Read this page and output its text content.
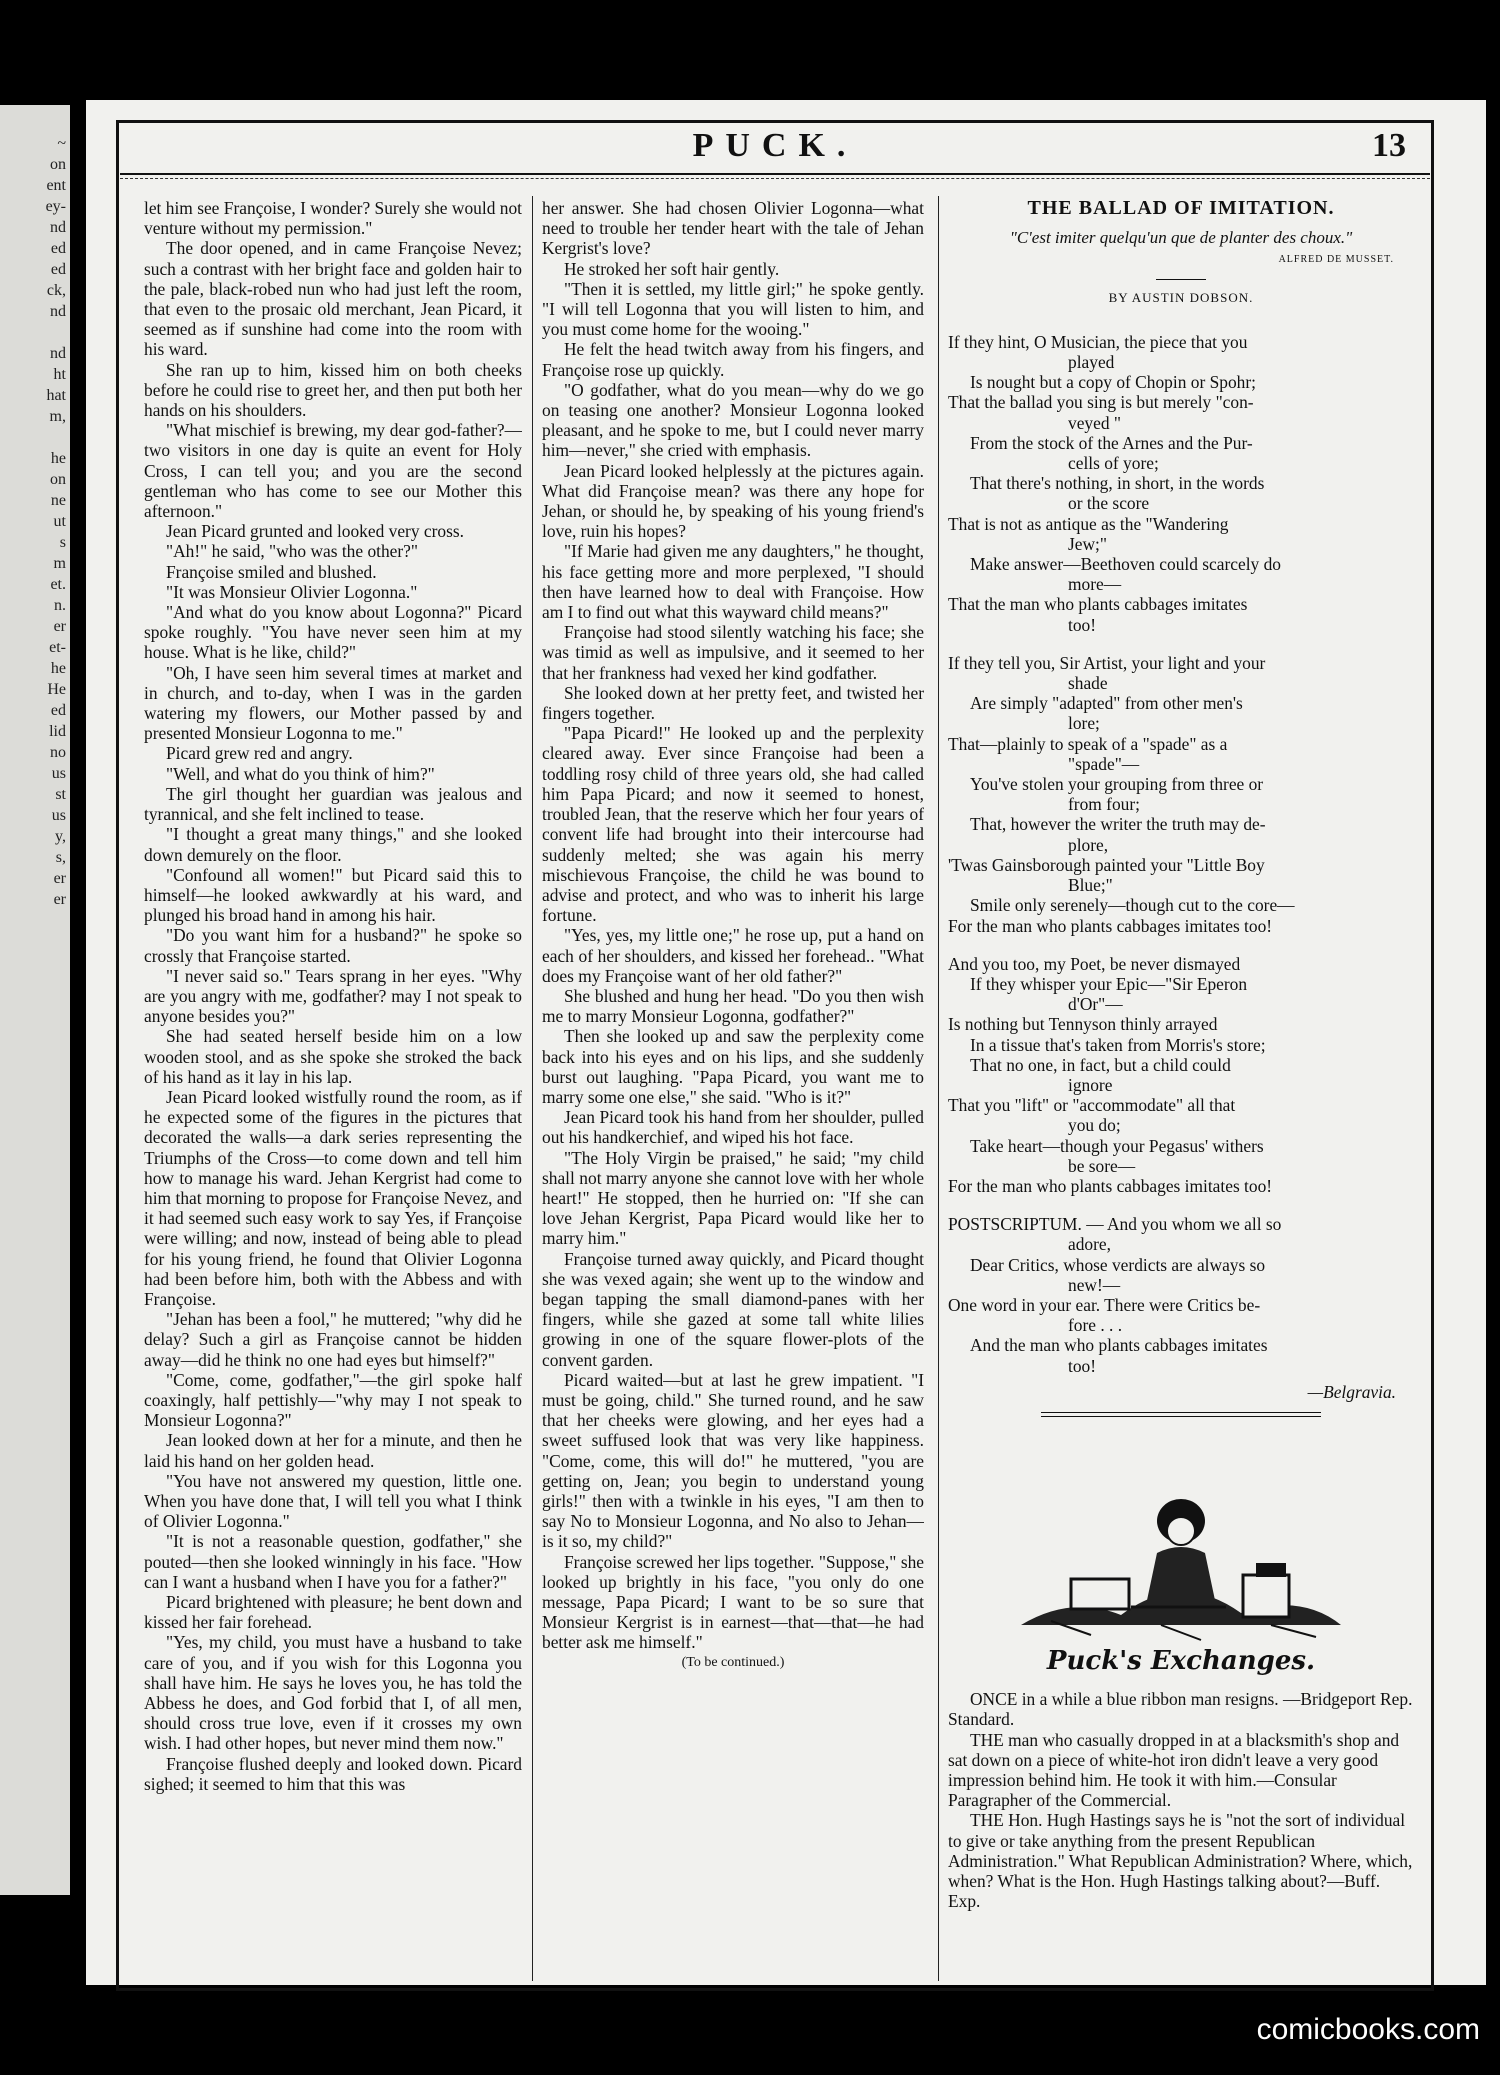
~
on
ent
ey-
nd
ed
ed
ck,
nd
nd
ht
hat
m,
he
on
ne
ut
s
m
et.
n.
er
et-
he
He
ed
lid
no
us
st
us
y,
s,
er
er
PUCK.	13

let him see Françoise, I wonder? Surely she would not venture without my permission."

The door opened, and in came Françoise Nevez; such a contrast with her bright face and golden hair to the pale, black-robed nun who had just left the room, that even to the prosaic old merchant, Jean Picard, it seemed as if sunshine had come into the room with his ward.

She ran up to him, kissed him on both cheeks before he could rise to greet her, and then put both her hands on his shoulders.

"What mischief is brewing, my dear god-father?—two visitors in one day is quite an event for Holy Cross, I can tell you; and you are the second gentleman who has come to see our Mother this afternoon."

Jean Picard grunted and looked very cross.

"Ah!" he said, "who was the other?"

Françoise smiled and blushed.

"It was Monsieur Olivier Logonna."

"And what do you know about Logonna?" Picard spoke roughly. "You have never seen him at my house. What is he like, child?"

"Oh, I have seen him several times at market and in church, and to-day, when I was in the garden watering my flowers, our Mother passed by and presented Monsieur Logonna to me."

Picard grew red and angry.

"Well, and what do you think of him?"

The girl thought her guardian was jealous and tyrannical, and she felt inclined to tease.

"I thought a great many things," and she looked down demurely on the floor.

"Confound all women!" but Picard said this to himself—he looked awkwardly at his ward, and plunged his broad hand in among his hair.

"Do you want him for a husband?" he spoke so crossly that Françoise started.

"I never said so." Tears sprang in her eyes. "Why are you angry with me, godfather? may I not speak to anyone besides you?"

She had seated herself beside him on a low wooden stool, and as she spoke she stroked the back of his hand as it lay in his lap.

Jean Picard looked wistfully round the room, as if he expected some of the figures in the pictures that decorated the walls—a dark series representing the Triumphs of the Cross—to come down and tell him how to manage his ward. Jehan Kergrist had come to him that morning to propose for Françoise Nevez, and it had seemed such easy work to say Yes, if Françoise were willing; and now, instead of being able to plead for his young friend, he found that Olivier Logonna had been before him, both with the Abbess and with Françoise.

"Jehan has been a fool," he muttered; "why did he delay? Such a girl as Françoise cannot be hidden away—did he think no one had eyes but himself?"

"Come, come, godfather,"—the girl spoke half coaxingly, half pettishly—"why may I not speak to Monsieur Logonna?"

Jean looked down at her for a minute, and then he laid his hand on her golden head.

"You have not answered my question, little one. When you have done that, I will tell you what I think of Olivier Logonna."

"It is not a reasonable question, godfather," she pouted—then she looked winningly in his face. "How can I want a husband when I have you for a father?"

Picard brightened with pleasure; he bent down and kissed her fair forehead.

"Yes, my child, you must have a husband to take care of you, and if you wish for this Logonna you shall have him. He says he loves you, he has told the Abbess he does, and God forbid that I, of all men, should cross true love, even if it crosses my own wish. I had other hopes, but never mind them now."

Françoise flushed deeply and looked down. Picard sighed; it seemed to him that this was

her answer. She had chosen Olivier Logonna—what need to trouble her tender heart with the tale of Jehan Kergrist's love?

He stroked her soft hair gently.

"Then it is settled, my little girl;" he spoke gently. "I will tell Logonna that you will listen to him, and you must come home for the wooing."

He felt the head twitch away from his fingers, and Françoise rose up quickly.

"O godfather, what do you mean—why do we go on teasing one another? Monsieur Logonna looked pleasant, and he spoke to me, but I could never marry him—never," she cried with emphasis.

Jean Picard looked helplessly at the pictures again. What did Françoise mean? was there any hope for Jehan, or should he, by speaking of his young friend's love, ruin his hopes?

"If Marie had given me any daughters," he thought, his face getting more and more perplexed, "I should then have learned how to deal with Françoise. How am I to find out what this wayward child means?"

Françoise had stood silently watching his face; she was timid as well as impulsive, and it seemed to her that her frankness had vexed her kind godfather.

She looked down at her pretty feet, and twisted her fingers together.

"Papa Picard!" He looked up and the perplexity cleared away. Ever since Françoise had been a toddling rosy child of three years old, she had called him Papa Picard; and now it seemed to honest, troubled Jean, that the reserve which her four years of convent life had brought into their intercourse had suddenly melted; she was again his merry mischievous Françoise, the child he was bound to advise and protect, and who was to inherit his large fortune.

"Yes, yes, my little one;" he rose up, put a hand on each of her shoulders, and kissed her forehead.. "What does my Françoise want of her old father?"

She blushed and hung her head. "Do you then wish me to marry Monsieur Logonna, godfather?"

Then she looked up and saw the perplexity come back into his eyes and on his lips, and she suddenly burst out laughing. "Papa Picard, you want me to marry some one else," she said. "Who is it?"

Jean Picard took his hand from her shoulder, pulled out his handkerchief, and wiped his hot face.

"The Holy Virgin be praised," he said; "my child shall not marry anyone she cannot love with her whole heart!" He stopped, then he hurried on: "If she can love Jehan Kergrist, Papa Picard would like her to marry him."

Françoise turned away quickly, and Picard thought she was vexed again; she went up to the window and began tapping the small diamond-panes with her fingers, while she gazed at some tall white lilies growing in one of the square flower-plots of the convent garden.

Picard waited—but at last he grew impatient. "I must be going, child." She turned round, and he saw that her cheeks were glowing, and her eyes had a sweet suffused look that was very like happiness. "Come, come, this will do!" he muttered, "you are getting on, Jean; you begin to understand young girls!" then with a twinkle in his eyes, "I am then to say No to Monsieur Logonna, and No also to Jehan—is it so, my child?"

Françoise screwed her lips together. "Suppose," she looked up brightly in his face, "you only do one message, Papa Picard; I want to be so sure that Monsieur Kergrist is in earnest—that—that—he had better ask me himself."

(To be continued.)

THE BALLAD OF IMITATION.
"C'est imiter quelqu'un que de planter des choux."
ALFRED DE MUSSET.
BY AUSTIN DOBSON.

If they hint, O Musician, the piece that you

played

Is nought but a copy of Chopin or Spohr;

That the ballad you sing is but merely "con-

veyed "

From the stock of the Arnes and the Pur-

cells of yore;

That there's nothing, in short, in the words

or the score

That is not as antique as the "Wandering

Jew;"

Make answer—Beethoven could scarcely do

more—

That the man who plants cabbages imitates

too!

If they tell you, Sir Artist, your light and your

shade

Are simply "adapted" from other men's

lore;

That—plainly to speak of a "spade" as a

"spade"—

You've stolen your grouping from three or

from four;

That, however the writer the truth may de-

plore,

'Twas Gainsborough painted your "Little Boy

Blue;"

Smile only serenely—though cut to the core—

For the man who plants cabbages imitates too!

And you too, my Poet, be never dismayed

If they whisper your Epic—"Sir Eperon

d'Or"—

Is nothing but Tennyson thinly arrayed

In a tissue that's taken from Morris's store;

That no one, in fact, but a child could

ignore

That you "lift" or "accommodate" all that

you do;

Take heart—though your Pegasus' withers

be sore—

For the man who plants cabbages imitates too!

POSTSCRIPTUM. — And you whom we all so

adore,

Dear Critics, whose verdicts are always so

new!—

One word in your ear. There were Critics be-

fore . . .

And the man who plants cabbages imitates

too!

—Belgravia.
Puck's Exchanges.

ONCE in a while a blue ribbon man resigns. —Bridgeport Rep. Standard.

THE man who casually dropped in at a blacksmith's shop and sat down on a piece of white-hot iron didn't leave a very good impression behind him. He took it with him.—Consular Paragrapher of the Commercial.

THE Hon. Hugh Hastings says he is "not the sort of individual to give or take anything from the present Republican Administration." What Republican Administration? Where, which, when? What is the Hon. Hugh Hastings talking about?—Buff. Exp.

comicbooks.com
